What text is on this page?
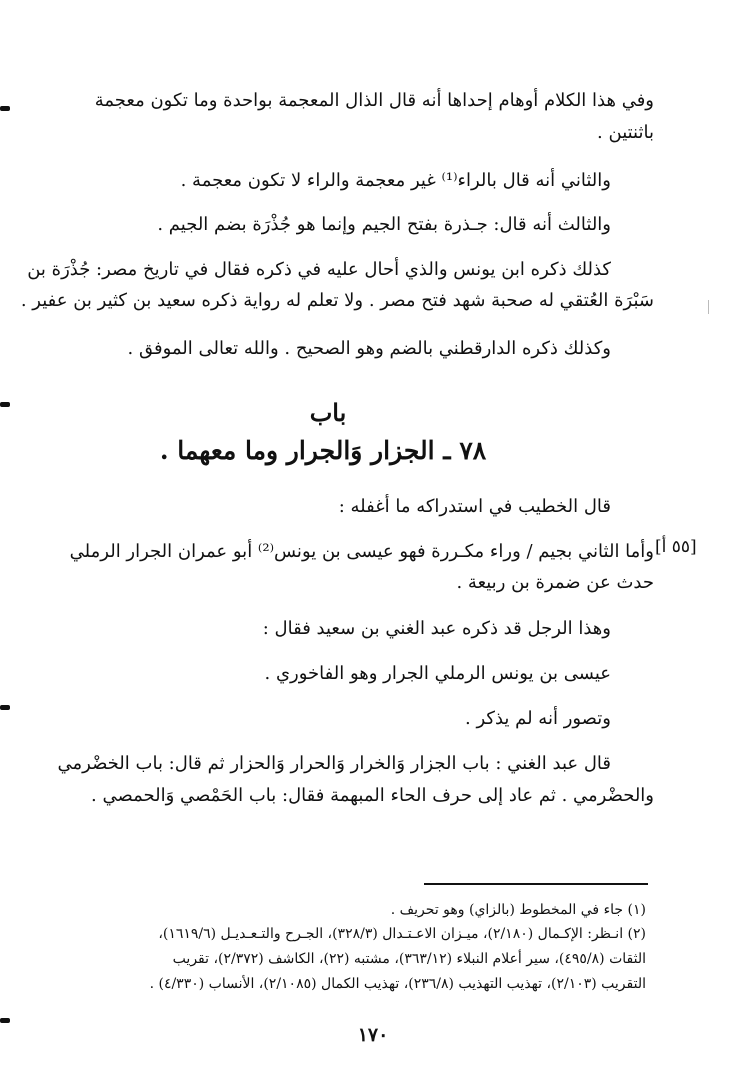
وفي هذا الكلام أوهام إحداها أنه قال الذال المعجمة بواحدة وما تكون معجمة
باثنتين .
والثاني أنه قال بالراء⁽¹⁾ غير معجمة والراء لا تكون معجمة .
والثالث أنه قال: جـذرة بفتح الجيم وإنما هو جُذْرَة بضم الجيم .
كذلك ذكره ابن يونس والذي أحال عليه في ذكره فقال في تاريخ مصر: جُذْرَة بن
سَبْرَة العُتقي له صحبة شهد فتح مصر . ولا تعلم له رواية ذكره سعيد بن كثير بن عفير .
وكذلك ذكره الدارقطني بالضم وهو الصحيح . والله تعالى الموفق .
باب
٧٨ ـ الجزار وَالجرار وما معهما .
قال الخطيب في استدراكه ما أغفله :
[٥٥ أ]
وأما الثاني بجيم / وراء مكـررة فهو عيسى بن يونس⁽²⁾ أبو عمران الجرار الرملي
حدث عن ضمرة بن ربيعة .
وهذا الرجل قد ذكره عبد الغني بن سعيد فقال :
عيسى بن يونس الرملي الجرار وهو الفاخوري .
وتصور أنه لم يذكر .
قال عبد الغني : باب الجزار وَالخرار وَالحرار وَالحزار ثم قال: باب الخضْرمي
والحضْرمي . ثم عاد إلى حرف الحاء المبهمة فقال: باب الحَمْصي وَالحمصي .
(١) جاء في المخطوط (بالزاي) وهو تحريف .
(٢) انـظر: الإكـمال (٢/١٨٠)، ميـزان الاعـتـدال (٣٢٨/٣)، الجـرح والتـعـديـل (١٦١٩/٦)،
الثقات (٤٩٥/٨)، سير أعلام النبلاء (٣٦٣/١٢)، مشتبه (٢٢)، الكاشف (٢/٣٧٢)، تقريب
التقريب (٢/١٠٣)، تهذيب التهذيب (٢٣٦/٨)، تهذيب الكمال (٢/١٠٨٥)، الأنساب (٤/٣٣٠) .
١٧٠
